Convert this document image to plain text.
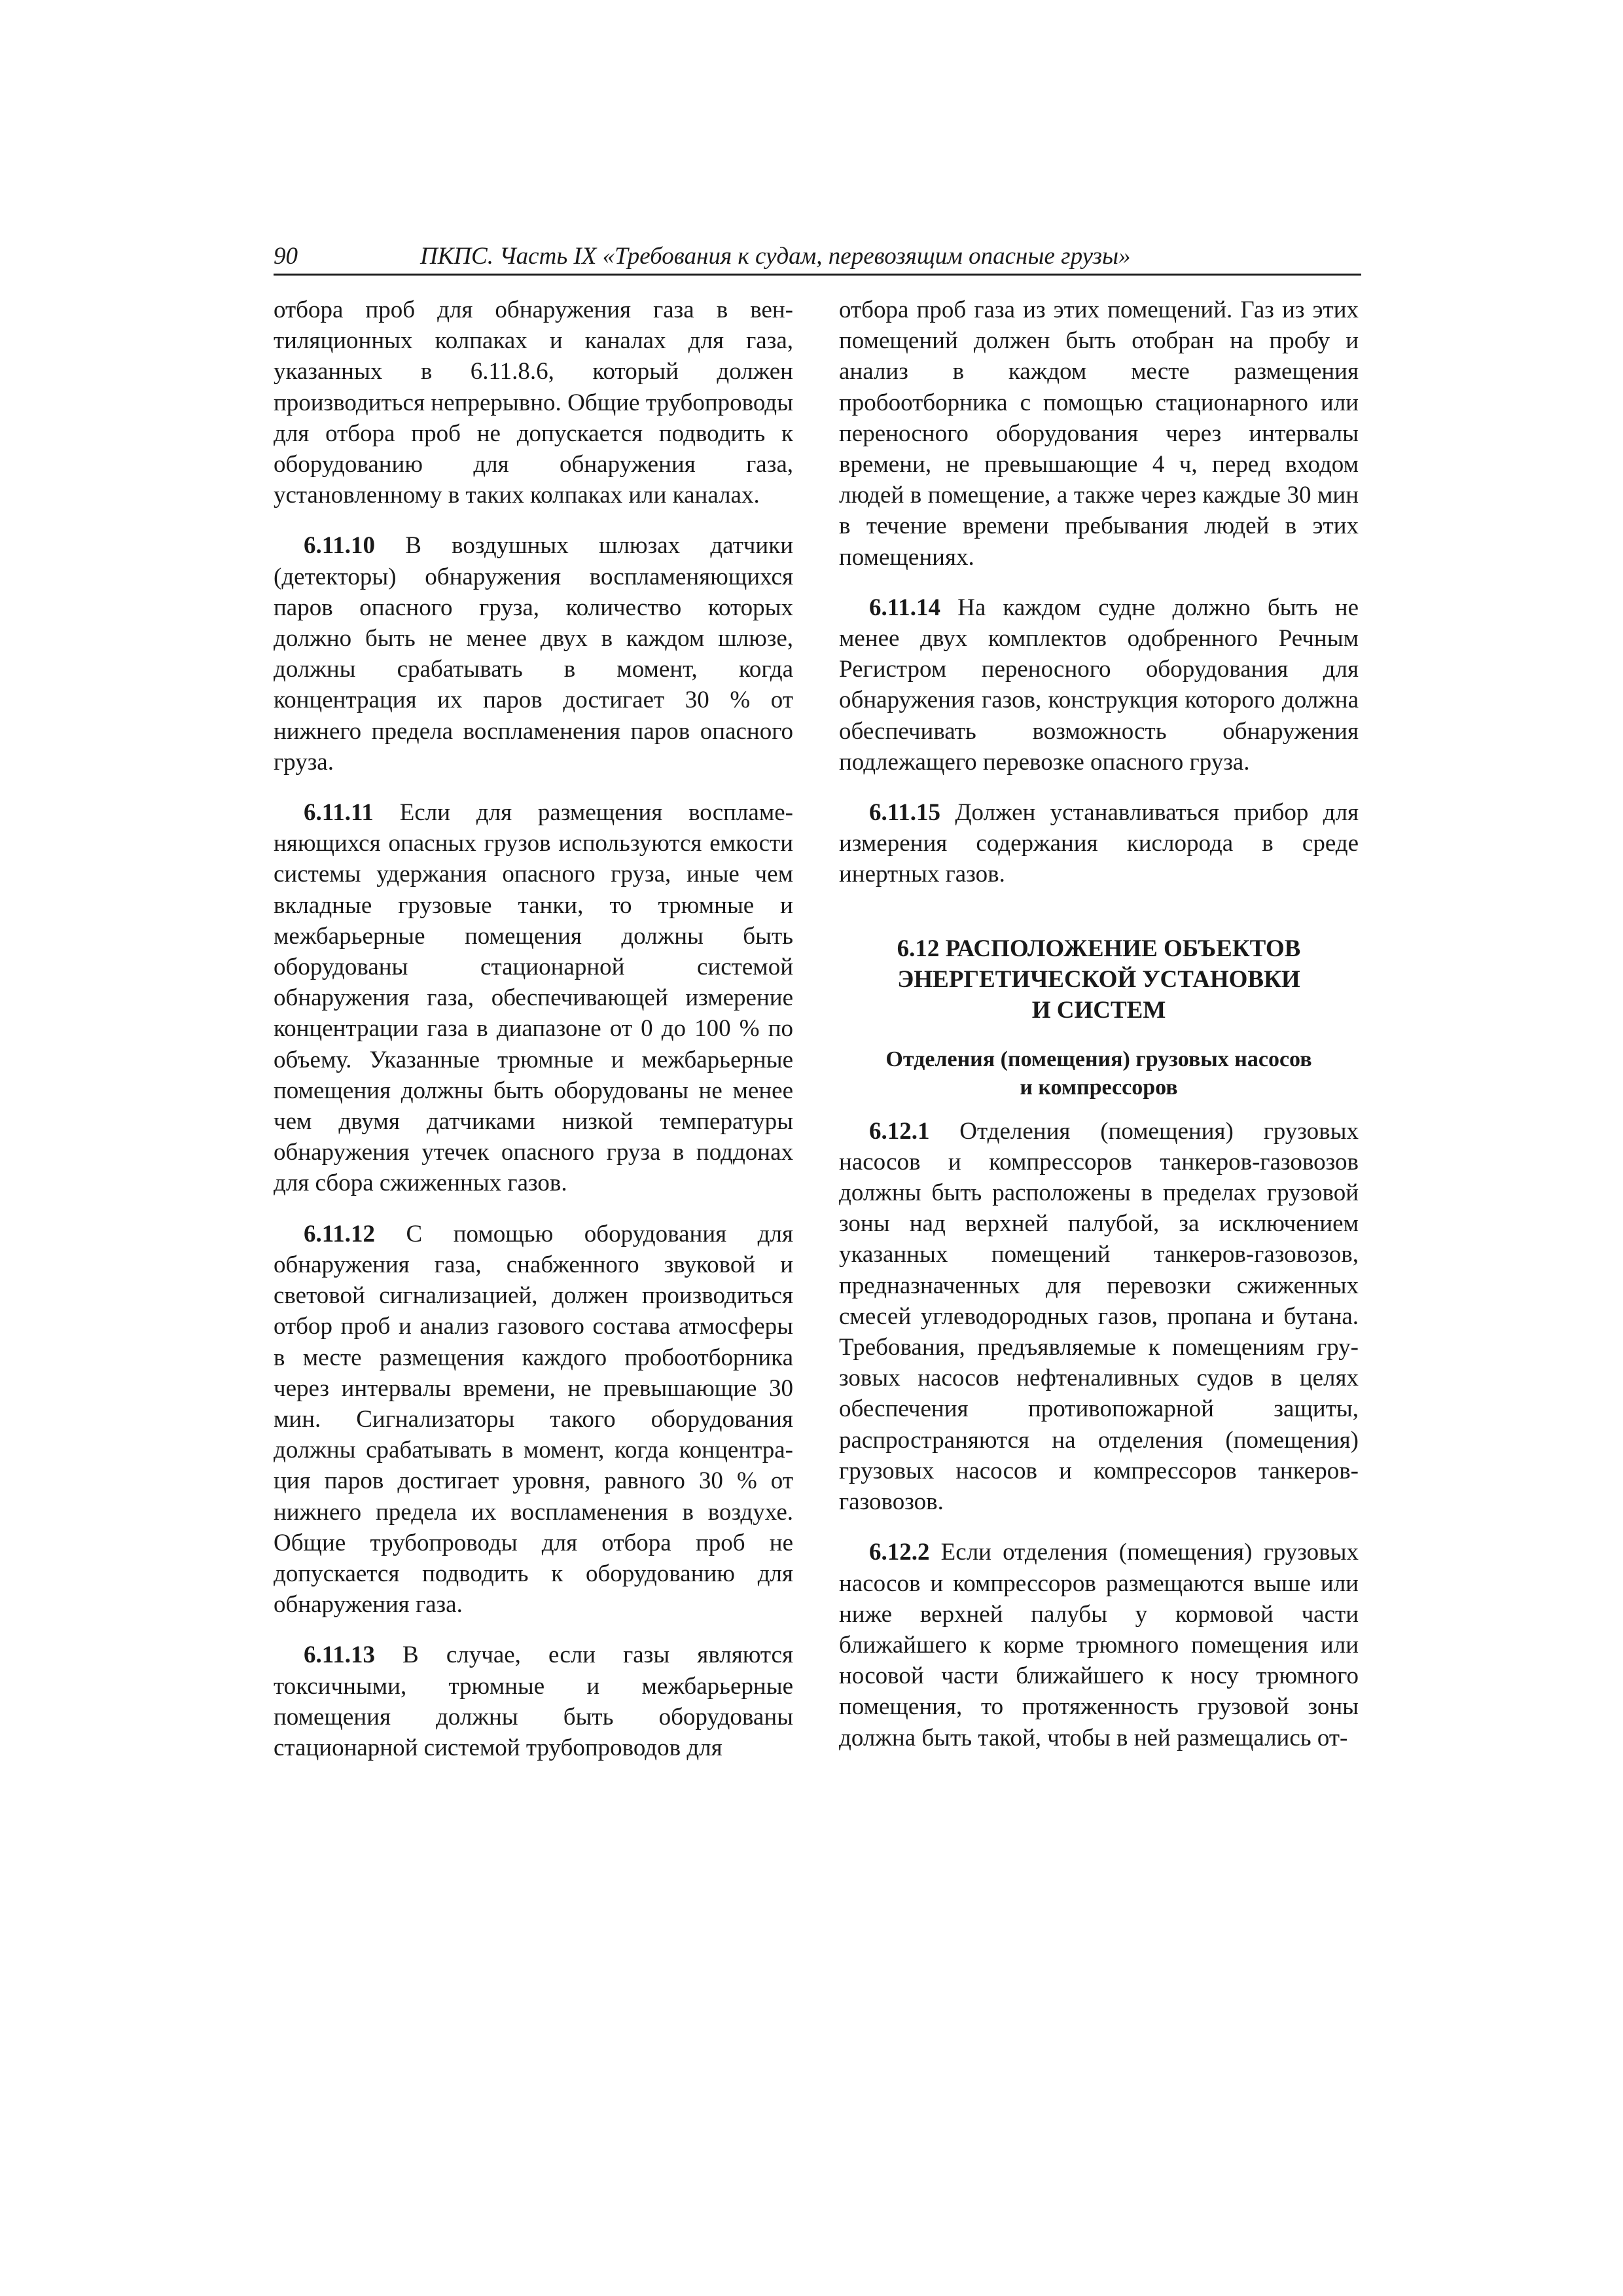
90	ПКПС. Часть IX «Требования к судам, перевозящим опасные грузы»

отбора проб для обнаружения газа в вентиляционных колпаках и каналах для газа, указанных в 6.11.8.6, который должен производиться непрерывно. Общие трубопроводы для отбора проб не допускается подводить к оборудованию для обнаружения газа, установленному в таких колпаках или каналах.

6.11.10 В воздушных шлюзах датчики (детекторы) обнаружения воспламеняющихся паров опасного груза, количество которых должно быть не менее двух в каждом шлюзе, должны срабатывать в момент, когда концентрация их паров достигает 30 % от нижнего предела воспламенения паров опасного груза.

6.11.11 Если для размещения воспламеняющихся опасных грузов используются емкости системы удержания опасного груза, иные чем вкладные грузовые танки, то трюмные и межбарьерные помещения должны быть оборудованы стационарной системой обнаружения газа, обеспечивающей измерение концентрации газа в диапазоне от 0 до 100 % по объему. Указанные трюмные и межбарьерные помещения должны быть оборудованы не менее чем двумя датчиками низкой температуры обнаружения утечек опасного груза в поддонах для сбора сжиженных газов.

6.11.12 С помощью оборудования для обнаружения газа, снабженного звуковой и световой сигнализацией, должен производиться отбор проб и анализ газового состава атмосферы в месте размещения каждого пробоотборника через интервалы времени, не превышающие 30 мин. Сигнализаторы такого оборудования должны срабатывать в момент, когда концентрация паров достигает уровня, равного 30 % от нижнего предела их воспламенения в воздухе. Общие трубопроводы для отбора проб не допускается подводить к оборудованию для обнаружения газа.

6.11.13 В случае, если газы являются токсичными, трюмные и межбарьерные помещения должны быть оборудованы стационарной системой трубопроводов для

отбора проб газа из этих помещений. Газ из этих помещений должен быть отобран на пробу и анализ в каждом месте размещения пробоотборника с помощью стационарного или переносного оборудования через интервалы времени, не превышающие 4 ч, перед входом людей в помещение, а также через каждые 30 мин в течение времени пребывания людей в этих помещениях.

6.11.14 На каждом судне должно быть не менее двух комплектов одобренного Речным Регистром переносного оборудования для обнаружения газов, конструкция которого должна обеспечивать возможность обнаружения подлежащего перевозке опасного груза.

6.11.15 Должен устанавливаться прибор для измерения содержания кислорода в среде инертных газов.

6.12 РАСПОЛОЖЕНИЕ ОБЪЕКТОВ
ЭНЕРГЕТИЧЕСКОЙ УСТАНОВКИ
И СИСТЕМ
Отделения (помещения) грузовых насосов
и компрессоров

6.12.1 Отделения (помещения) грузовых насосов и компрессоров танкеров-газовозов должны быть расположены в пределах грузовой зоны над верхней палубой, за исключением указанных помещений танкеров-газовозов, предназначенных для перевозки сжиженных смесей углеводородных газов, пропана и бутана. Требования, предъявляемые к помещениям грузовых насосов нефтеналивных судов в целях обеспечения противопожарной защиты, распространяются на отделения (помещения) грузовых насосов и компрессоров танкеров-газовозов.

6.12.2 Если отделения (помещения) грузовых насосов и компрессоров размещаются выше или ниже верхней палубы у кормовой части ближайшего к корме трюмного помещения или носовой части ближайшего к носу трюмного помещения, то протяженность грузовой зоны должна быть такой, чтобы в ней размещались от-
